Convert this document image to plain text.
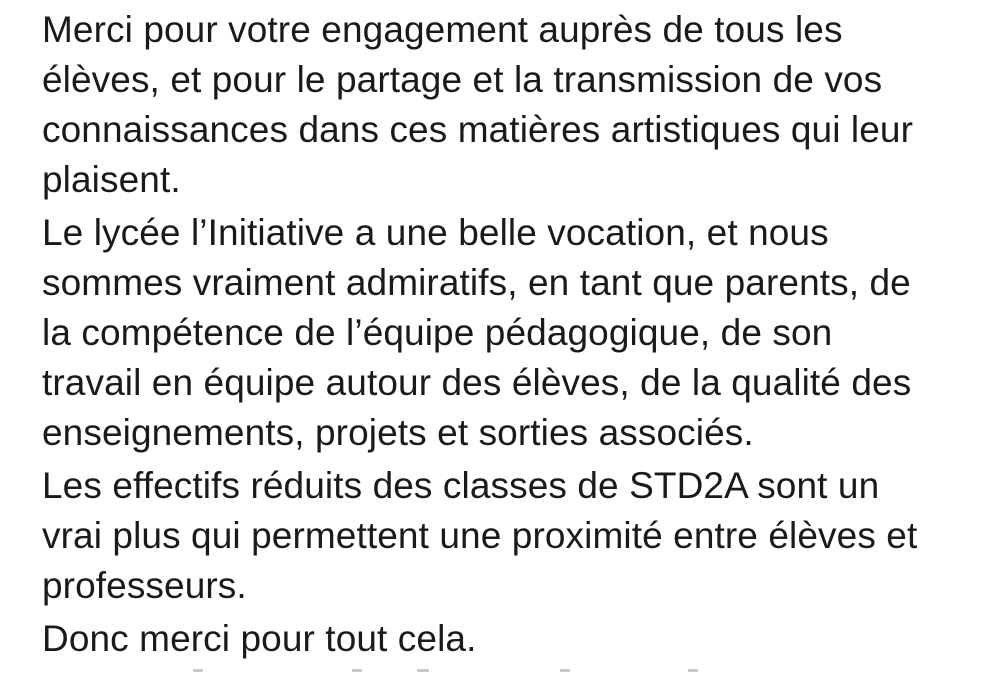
Merci pour votre engagement auprès de tous les
élèves, et pour le partage et la transmission de vos
connaissances dans ces matières artistiques qui leur
plaisent.
Le lycée l’Initiative a une belle vocation, et nous
sommes vraiment admiratifs, en tant que parents, de
la compétence de l’équipe pédagogique, de son
travail en équipe autour des élèves, de la qualité des
enseignements, projets et sorties associés.
Les effectifs réduits des classes de STD2A sont un
vrai plus qui permettent une proximité entre élèves et
professeurs.
Donc merci pour tout cela.
